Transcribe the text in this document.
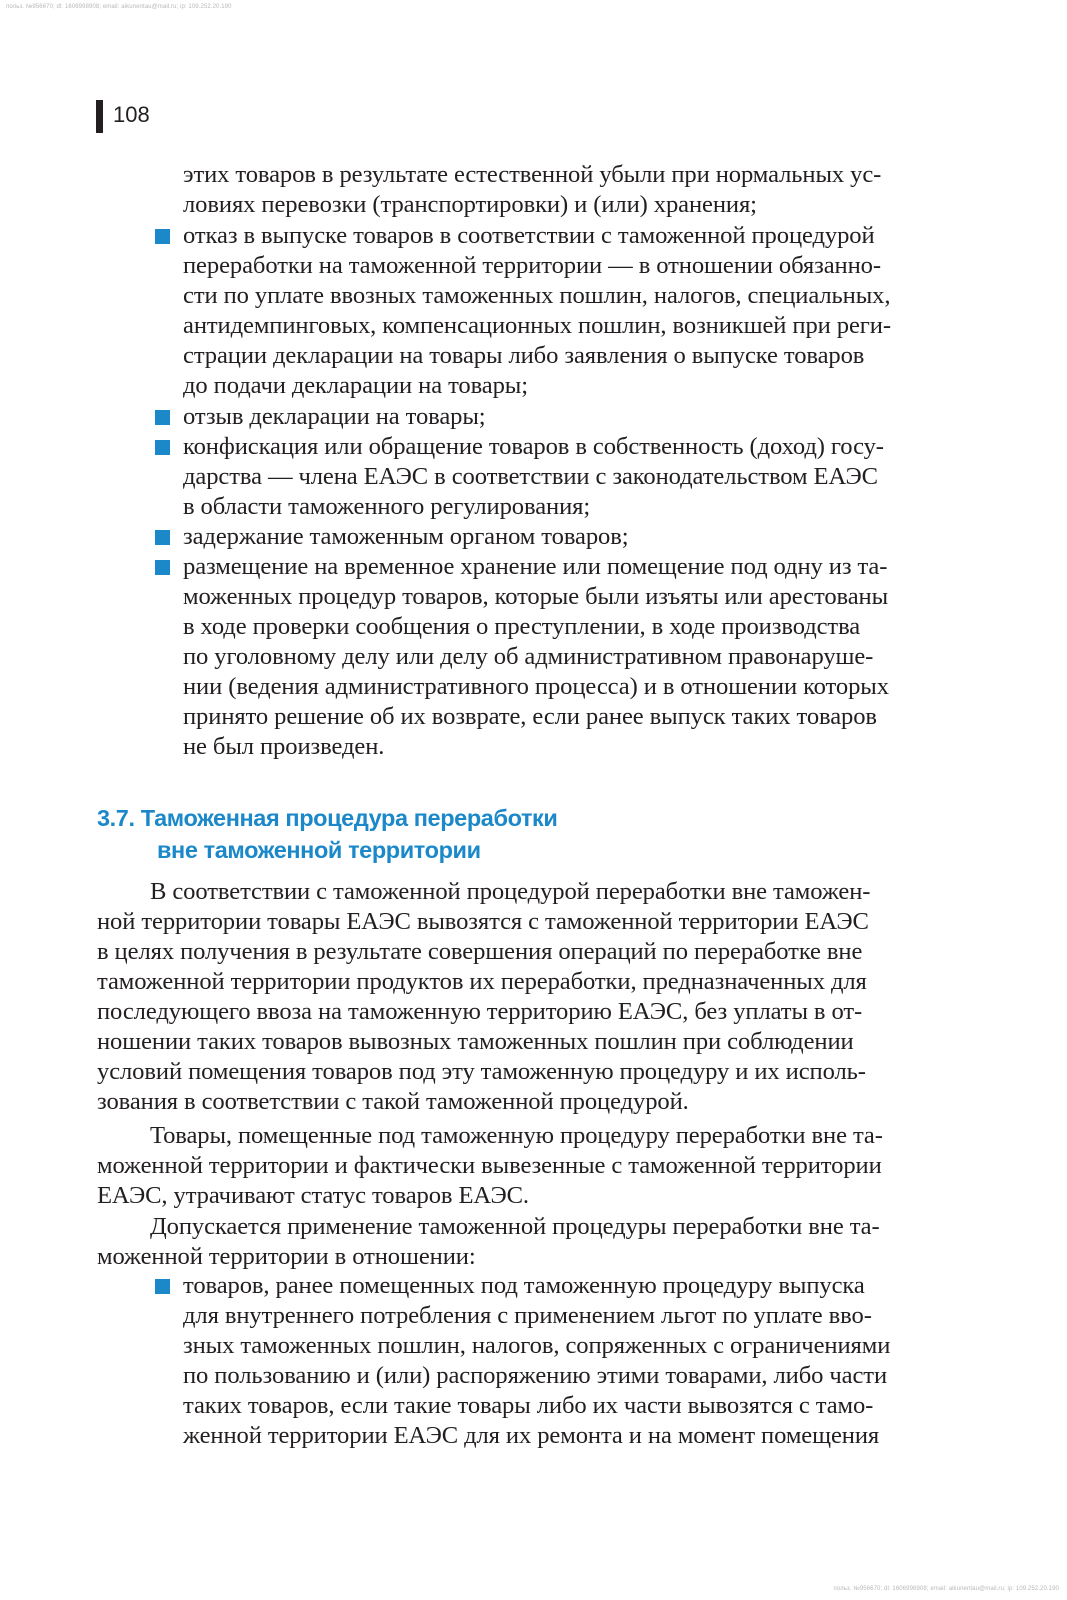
польз. №956670; dl: 1606998908; email: aikunentau@mail.ru; ip: 109.252.20.190
108
этих товаров в результате естественной убыли при нормальных ус-
ловиях перевозки (транспортировки) и (или) хранения;
отказ в выпуске товаров в соответствии с таможенной процедурой
переработки на таможенной территории — в отношении обязанно-
сти по уплате ввозных таможенных пошлин, налогов, специальных,
антидемпинговых, компенсационных пошлин, возникшей при реги-
страции декларации на товары либо заявления о выпуске товаров
до подачи декларации на товары;
отзыв декларации на товары;
конфискация или обращение товаров в собственность (доход) госу-
дарства — члена ЕАЭС в соответствии с законодательством ЕАЭС
в области таможенного регулирования;
задержание таможенным органом товаров;
размещение на временное хранение или помещение под одну из та-
моженных процедур товаров, которые были изъяты или арестованы
в ходе проверки сообщения о преступлении, в ходе производства
по уголовному делу или делу об административном правонаруше-
нии (ведения административного процесса) и в отношении которых
принято решение об их возврате, если ранее выпуск таких товаров
не был произведен.
3.7. Таможенная процедура переработки
вне таможенной территории
В соответствии с таможенной процедурой переработки вне таможен-
ной территории товары ЕАЭС вывозятся с таможенной территории ЕАЭС
в целях получения в результате совершения операций по переработке вне
таможенной территории продуктов их переработки, предназначенных для
последующего ввоза на таможенную территорию ЕАЭС, без уплаты в от-
ношении таких товаров вывозных таможенных пошлин при соблюдении
условий помещения товаров под эту таможенную процедуру и их исполь-
зования в соответствии с такой таможенной процедурой.
Товары, помещенные под таможенную процедуру переработки вне та-
моженной территории и фактически вывезенные с таможенной территории
ЕАЭС, утрачивают статус товаров ЕАЭС.
Допускается применение таможенной процедуры переработки вне та-
моженной территории в отношении:
товаров, ранее помещенных под таможенную процедуру выпуска
для внутреннего потребления с применением льгот по уплате вво-
зных таможенных пошлин, налогов, сопряженных с ограничениями
по пользованию и (или) распоряжению этими товарами, либо части
таких товаров, если такие товары либо их части вывозятся с тамо-
женной территории ЕАЭС для их ремонта и на момент помещения
польз. №956670; dl: 1606998908; email: aikunentau@mail.ru; ip: 109.252.20.190
